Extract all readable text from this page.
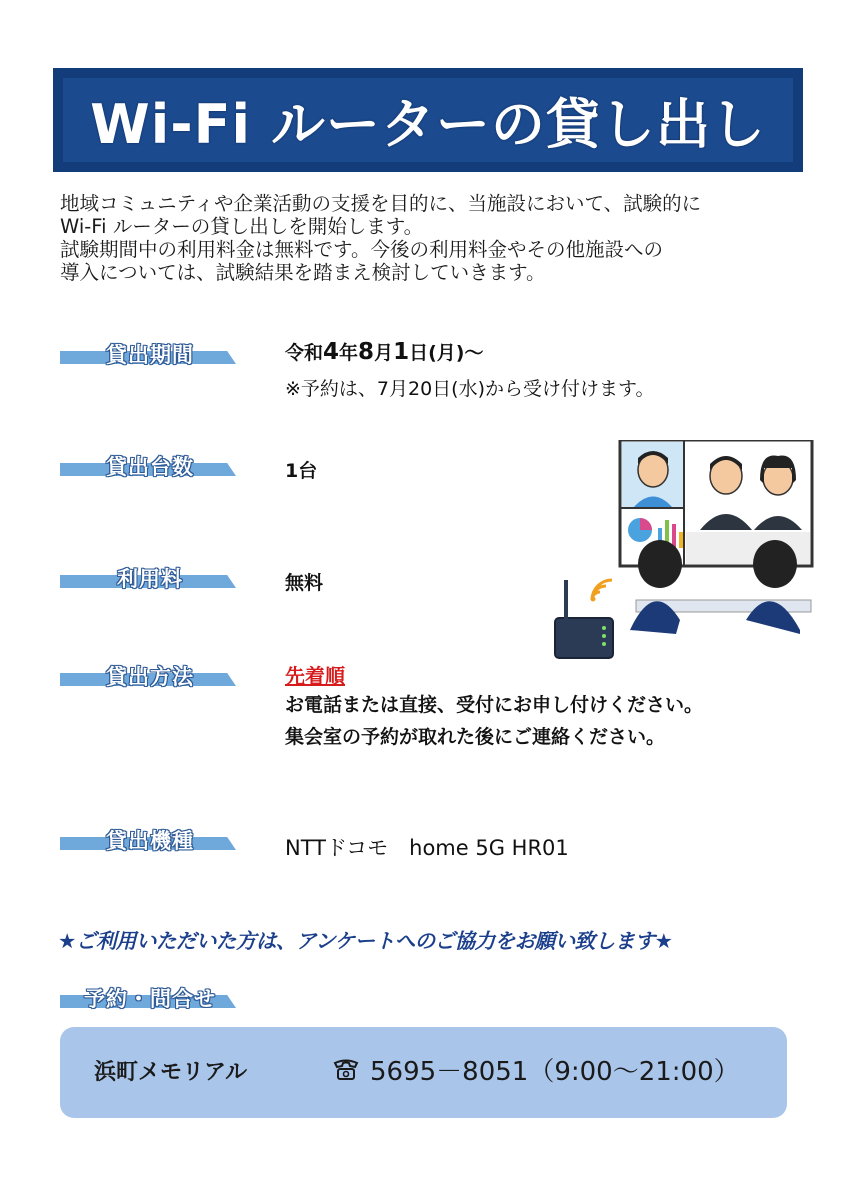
Wi-Fi ルーターの貸し出し

地域コミュニティや企業活動の支援を目的に、当施設において、試験的に

Wi-Fi ルーターの貸し出しを開始します。

試験期間中の利用料金は無料です。今後の利用料金やその他施設への

導入については、試験結果を踏まえ検討していきます。

貸出期間	令和4年8月1日(月)～
※予約は、7月20日(水)から受け付けます。
貸出台数	1台
利用料	無料
貸出方法	先着順
お電話または直接、受付にお申し付けください。
集会室の予約が取れた後にご連絡ください。
貸出機種	NTTドコモ　home 5G HR01
★ご利用いただいた方は、アンケートへのご協力をお願い致します★
予約・問合せ
浜町メモリアル	5695－8051（9:00～21:00）
